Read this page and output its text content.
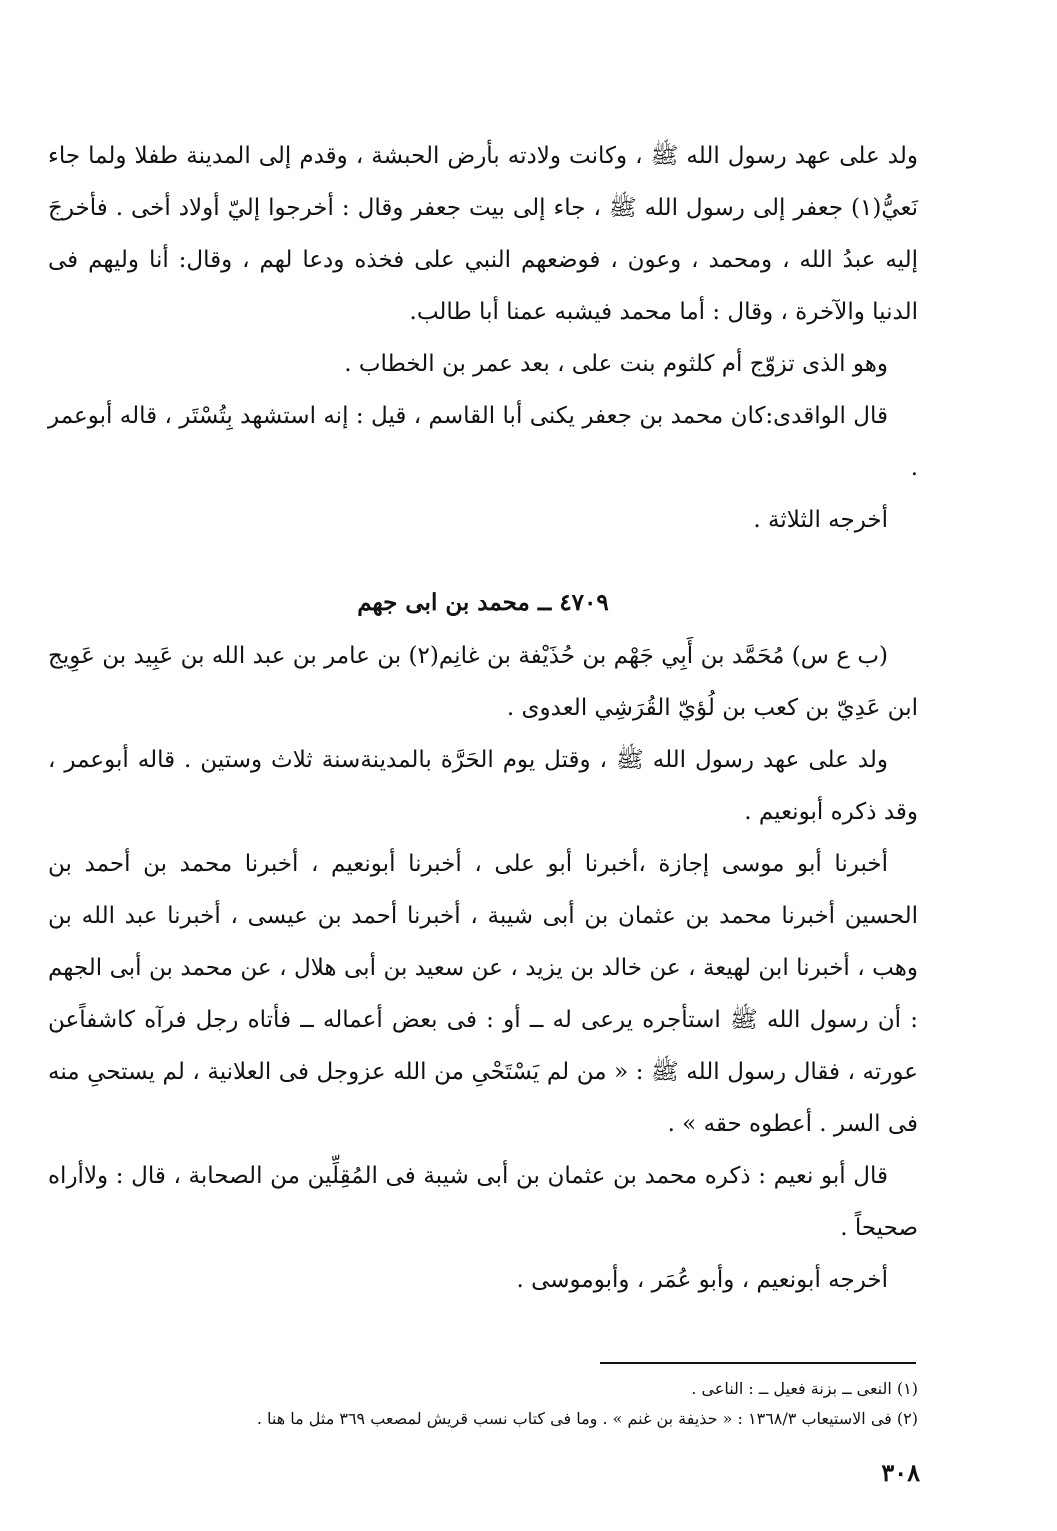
ولد على عهد رسول الله ﷺ ، وكانت ولادته بأرض الحبشة ، وقدم إلى المدينة طفلا ولما جاء نَعيُّ(١) جعفر إلى رسول الله ﷺ ، جاء إلى بيت جعفر وقال : أخرجوا إليّ أولاد أخى . فأخرجَ إليه عبدُ الله ، ومحمد ، وعون ، فوضعهم النبي على فخذه ودعا لهم ، وقال: أنا وليهم فى الدنيا والآخرة ، وقال : أما محمد فيشبه عمنا أبا طالب.

وهو الذى تزوّج أم كلثوم بنت على ، بعد عمر بن الخطاب .

قال الواقدى:كان محمد بن جعفر يكنى أبا القاسم ، قيل : إنه استشهد بِتُسْتَر ، قاله أبوعمر .

أخرجه الثلاثة .

٤٧٠٩ ــ محمد بن ابى جهم

(ب ع س) مُحَمَّد بن أَبِي جَهْم بن حُذَيْفة بن غانِم(٢) بن عامر بن عبد الله بن عَبِيد بن عَوِيج ابن عَدِيّ بن كعب بن لُؤيّ القُرَشِي العدوى .

ولد على عهد رسول الله ﷺ ، وقتل يوم الحَرَّة بالمدينةسنة ثلاث وستين . قاله أبوعمر ، وقد ذكره أبونعيم .

أخبرنا أبو موسى إجازة ،أخبرنا أبو على ، أخبرنا أبونعيم ، أخبرنا محمد بن أحمد بن الحسين أخبرنا محمد بن عثمان بن أبى شيبة ، أخبرنا أحمد بن عيسى ، أخبرنا عبد الله بن وهب ، أخبرنا ابن لهيعة ، عن خالد بن يزيد ، عن سعيد بن أبى هلال ، عن محمد بن أبى الجهم : أن رسول الله ﷺ استأجره يرعى له ــ أو : فى بعض أعماله ــ فأتاه رجل فرآه كاشفاًعن عورته ، فقال رسول الله ﷺ : « من لم يَسْتَحْىِ من الله عزوجل فى العلانية ، لم يستحىِ منه فى السر . أعطوه حقه » .

قال أبو نعيم : ذكره محمد بن عثمان بن أبى شيبة فى المُقِلِّين من الصحابة ، قال : ولاأراه صحيحاً .

أخرجه أبونعيم ، وأبو عُمَر ، وأبوموسى .

(١) النعى ــ بزنة فعيل ــ : الناعى .
(٢) فى الاستيعاب ١٣٦٨/٣ : « حذيفة بن غنم » . وما فى كتاب نسب قريش لمصعب ٣٦٩ مثل ما هنا .
٣٠٨
